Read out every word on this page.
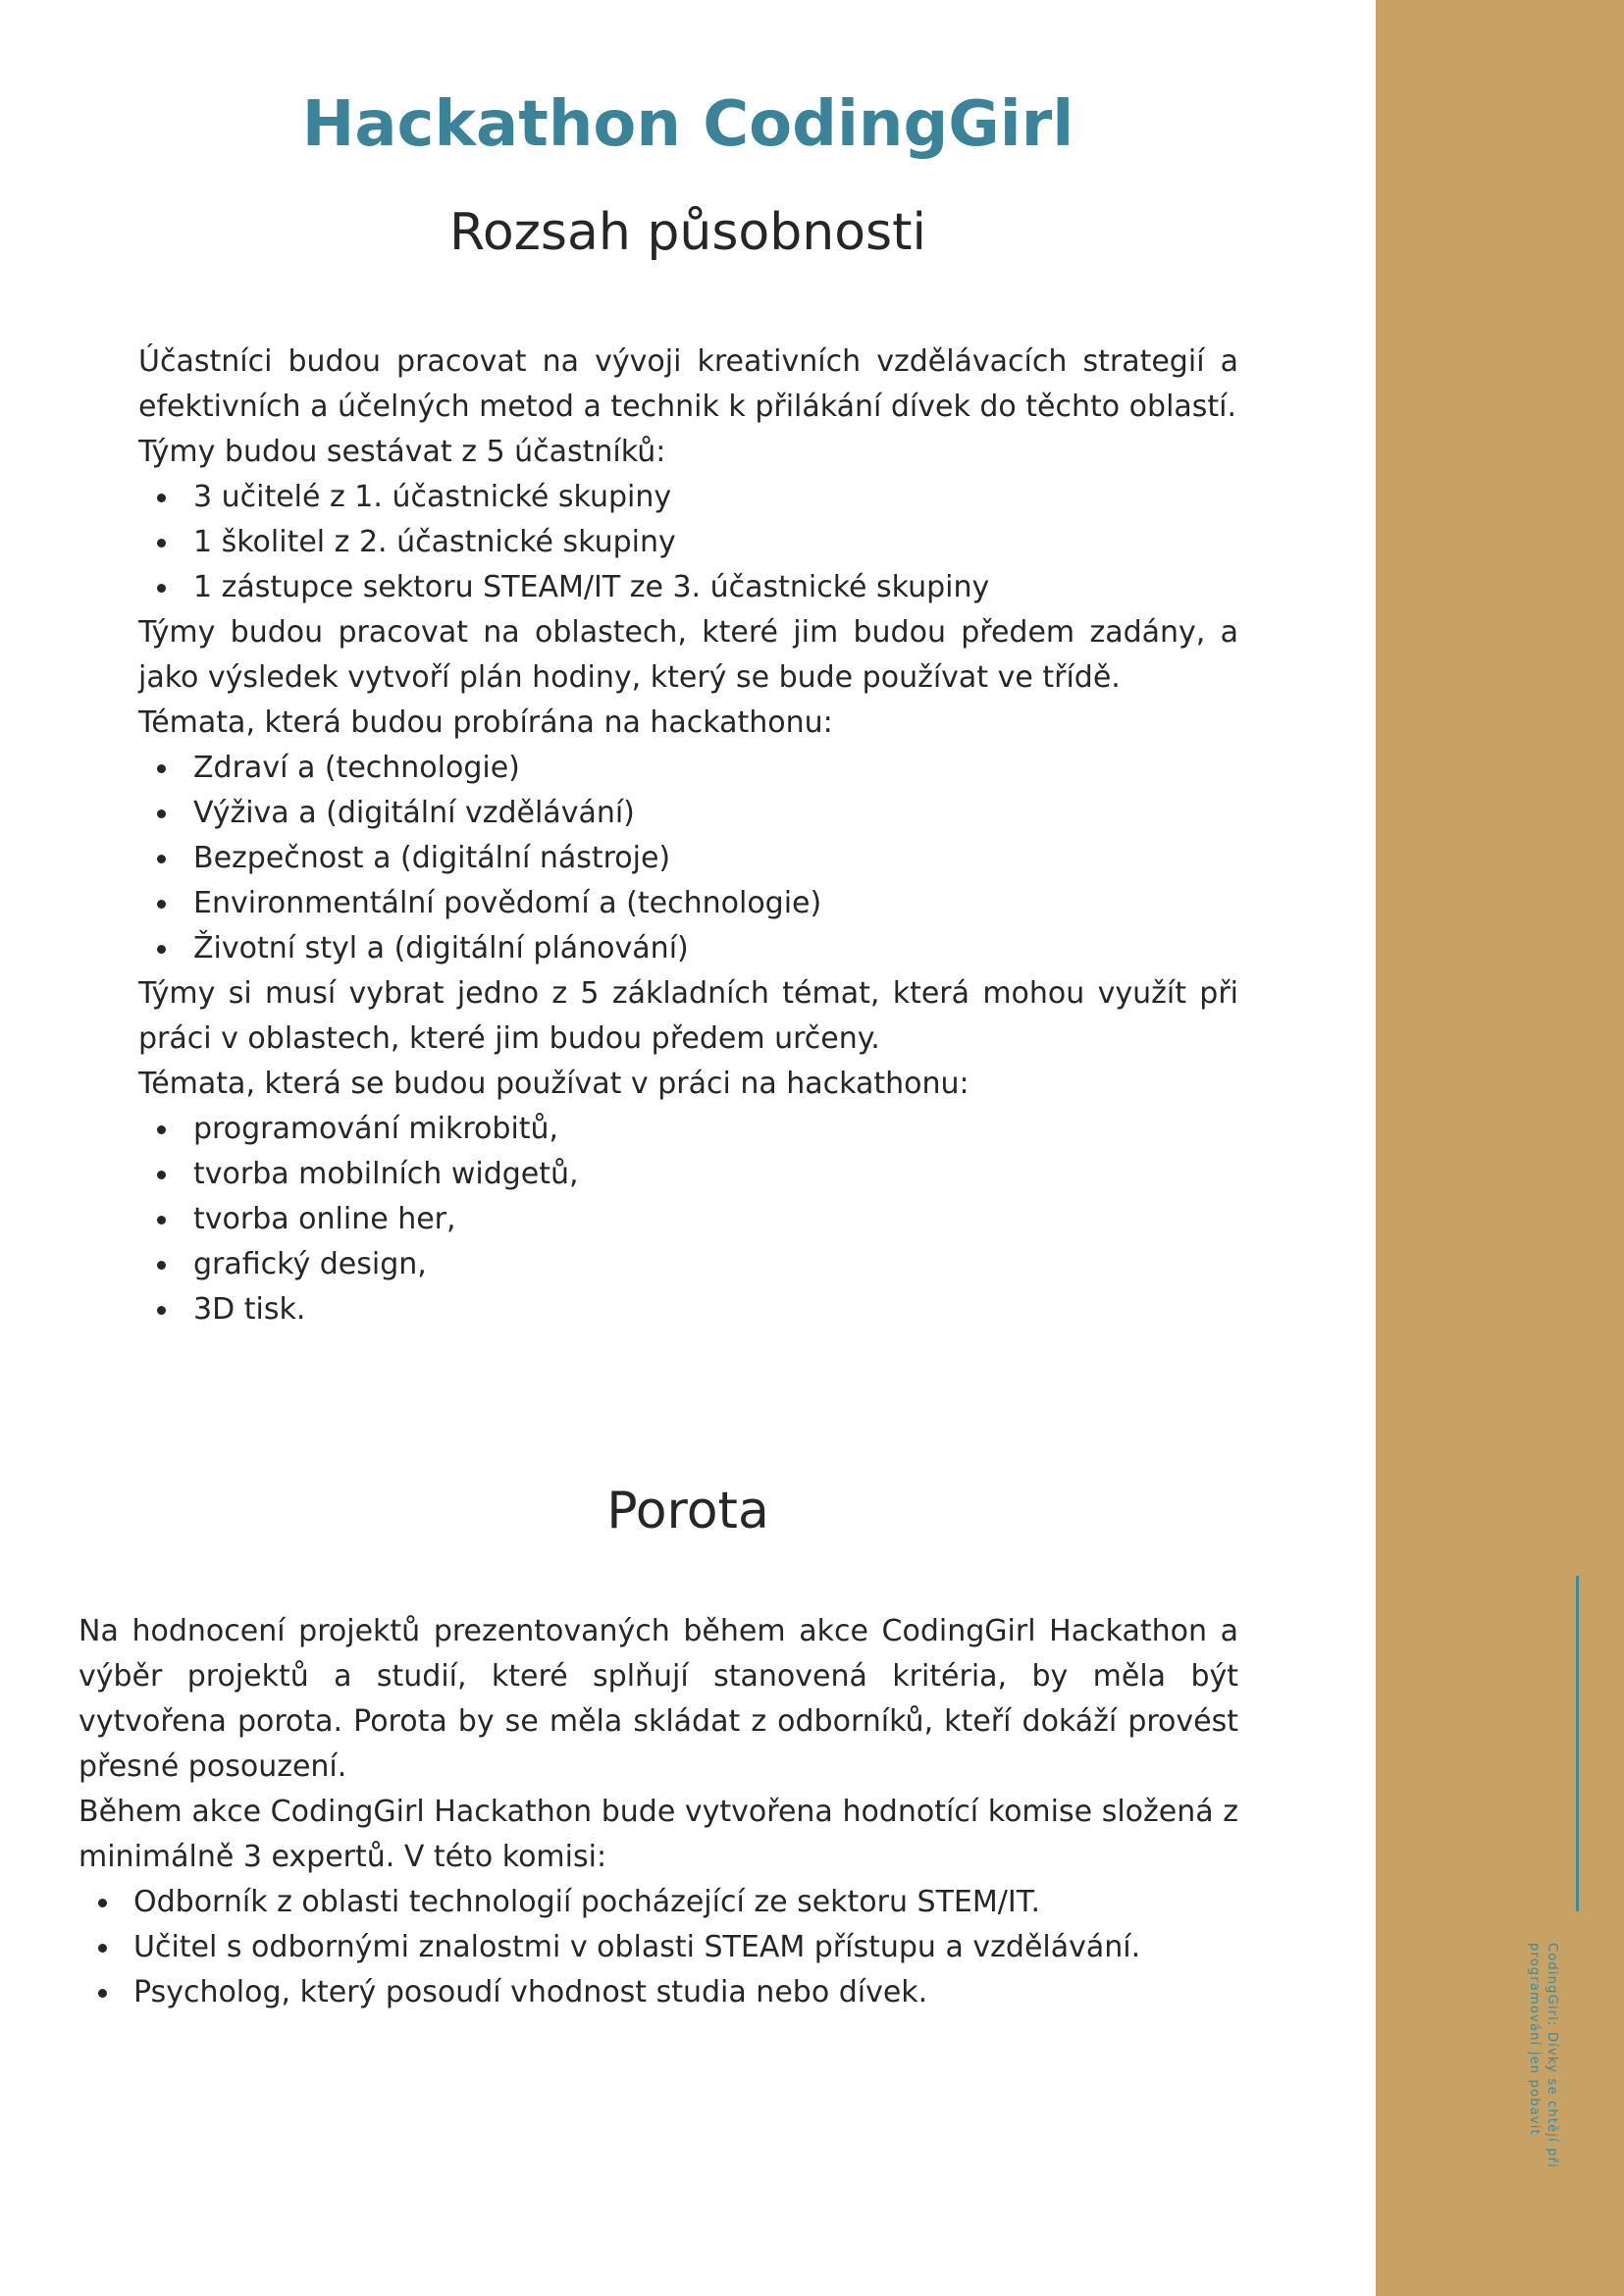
CodingGirl: Dívky se chtějí při programování jen pobavit
Hackathon CodingGirl
Rozsah působnosti

Účastníci budou pracovat na vývoji kreativních vzdělávacích strategií a efektivních a účelných metod a technik k přilákání dívek do těchto oblastí.

Týmy budou sestávat z 5 účastníků:

3 učitelé z 1. účastnické skupiny
1 školitel z 2. účastnické skupiny
1 zástupce sektoru STEAM/IT ze 3. účastnické skupiny

Týmy budou pracovat na oblastech, které jim budou předem zadány, a jako výsledek vytvoří plán hodiny, který se bude používat ve třídě.

Témata, která budou probírána na hackathonu:

Zdraví a (technologie)
Výživa a (digitální vzdělávání)
Bezpečnost a (digitální nástroje)
Environmentální povědomí a (technologie)
Životní styl a (digitální plánování)

Týmy si musí vybrat jedno z 5 základních témat, která mohou využít při práci v oblastech, které jim budou předem určeny.

Témata, která se budou používat v práci na hackathonu:

programování mikrobitů,
tvorba mobilních widgetů,
tvorba online her,
grafický design,
3D tisk.
Porota

Na hodnocení projektů prezentovaných během akce CodingGirl Hackathon a výběr projektů a studií, které splňují stanovená kritéria, by měla být vytvořena porota. Porota by se měla skládat z odborníků, kteří dokáží provést přesné posouzení.

Během akce CodingGirl Hackathon bude vytvořena hodnotící komise složená z minimálně 3 expertů. V této komisi:

Odborník z oblasti technologií pocházející ze sektoru STEM/IT.
Učitel s odbornými znalostmi v oblasti STEAM přístupu a vzdělávání.
Psycholog, který posoudí vhodnost studia nebo dívek.
